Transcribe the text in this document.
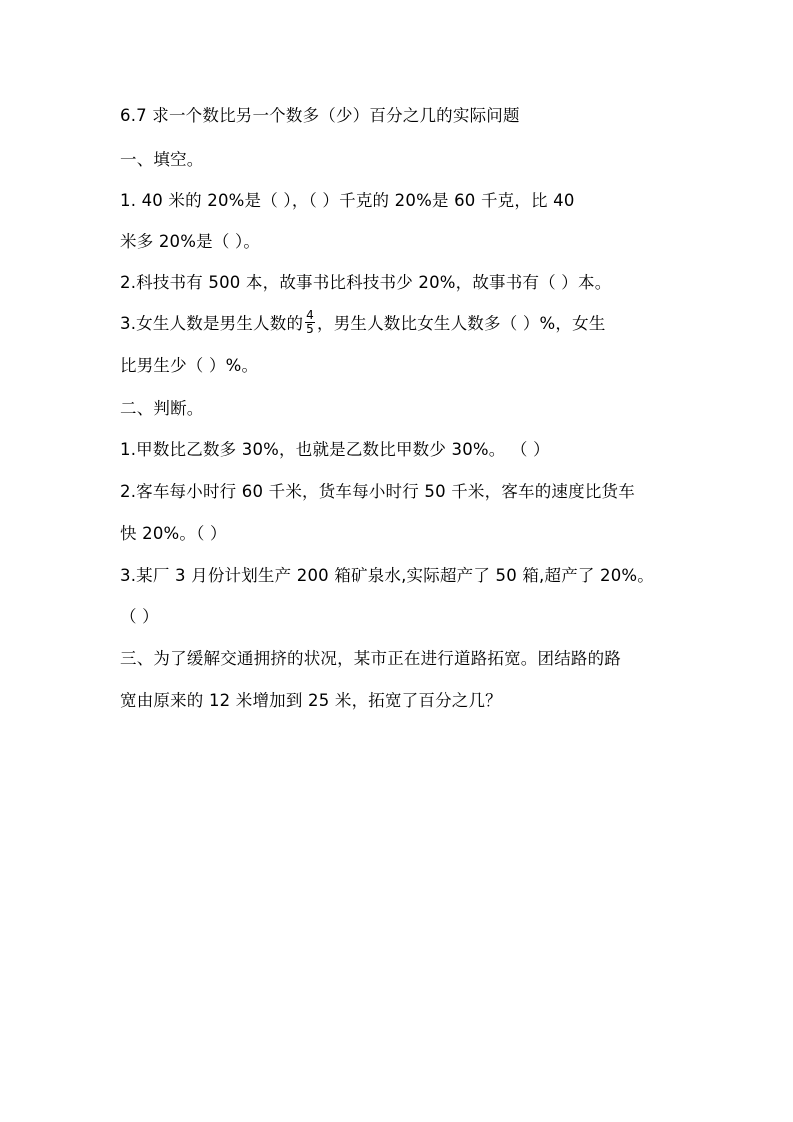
6.7 求一个数比另一个数多（少）百分之几的实际问题
一、填空。
1. 40 米的 20%是（ ），（ ）千克的 20%是 60 千克，比 40
米多 20%是（ ）。
2.科技书有 500 本，故事书比科技书少 20%，故事书有（ ）本。
3.女生人数是男生人数的 $\frac{4}{5}$ ，男生人数比女生人数多（ ）%，女生
比男生少（ ）%。
二、判断。
1.甲数比乙数多 30%，也就是乙数比甲数少 30%。 （ ）
2.客车每小时行 60 千米，货车每小时行 50 千米，客车的速度比货车
快 20%。（ ）
3.某厂 3 月份计划生产 200 箱矿泉水,实际超产了 50 箱,超产了 20%。
（ ）
三、为了缓解交通拥挤的状况，某市正在进行道路拓宽。团结路的路
宽由原来的 12 米增加到 25 米，拓宽了百分之几？
